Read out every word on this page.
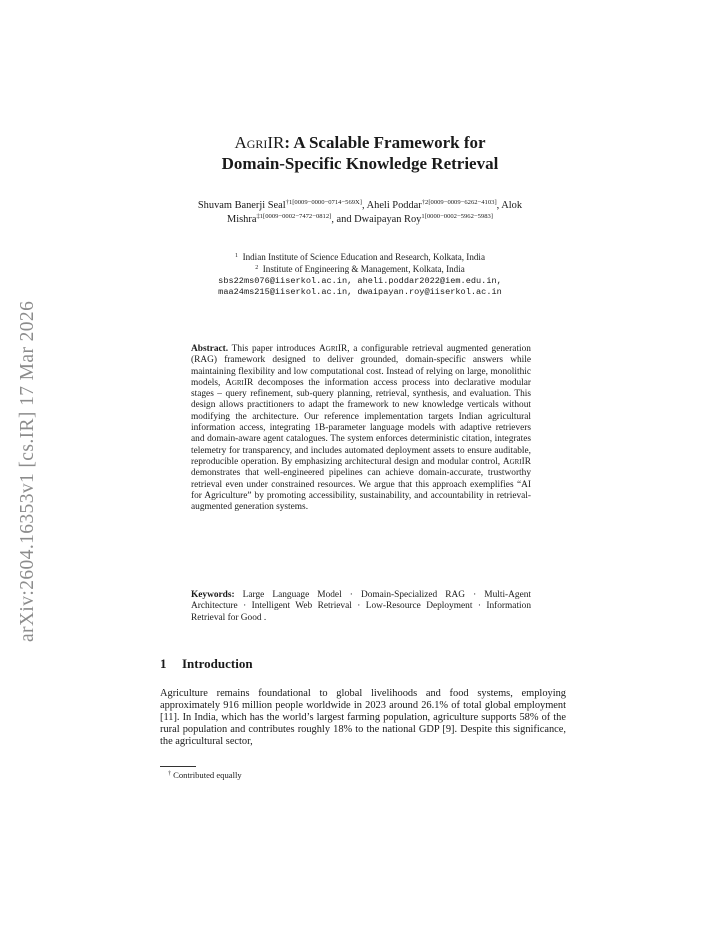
arXiv:2604.16353v1 [cs.IR] 17 Mar 2026
AgriIR: A Scalable Framework for
Domain-Specific Knowledge Retrieval
Shuvam Banerji Seal$^{\dagger 1[0009-0000-0714-569X]}$, Aheli Poddar$^{\dagger 2[0009-0009-6262-4103]}$, Alok Mishra$^{\ddagger 1[0009-0002-7472-0812]}$, and Dwaipayan Roy$^{1[0000-0002-5962-5983]}$
$^1$ Indian Institute of Science Education and Research, Kolkata, India
$^2$ Institute of Engineering & Management, Kolkata, India
sbs22ms076@iiserkol.ac.in, aheli.poddar2022@iem.edu.in,
maa24ms215@iiserkol.ac.in, dwaipayan.roy@iiserkol.ac.in
Abstract. This paper introduces AgriIR, a configurable retrieval augmented generation (RAG) framework designed to deliver grounded, domain-specific answers while maintaining flexibility and low computational cost. Instead of relying on large, monolithic models, AgriIR decomposes the information access process into declarative modular stages – query refinement, sub-query planning, retrieval, synthesis, and evaluation. This design allows practitioners to adapt the framework to new knowledge verticals without modifying the architecture. Our reference implementation targets Indian agricultural information access, integrating 1B-parameter language models with adaptive retrievers and domain-aware agent catalogues. The system enforces deterministic citation, integrates telemetry for transparency, and includes automated deployment assets to ensure auditable, reproducible operation. By emphasizing architectural design and modular control, AgriIR demonstrates that well-engineered pipelines can achieve domain-accurate, trustworthy retrieval even under constrained resources. We argue that this approach exemplifies “AI for Agriculture” by promoting accessibility, sustainability, and accountability in retrieval-augmented generation systems.
Keywords: Large Language Model · Domain-Specialized RAG · Multi-Agent Architecture · Intelligent Web Retrieval · Low-Resource Deployment · Information Retrieval for Good .
1 Introduction
Agriculture remains foundational to global livelihoods and food systems, employing approximately 916 million people worldwide in 2023 around 26.1% of total global employment [11]. In India, which has the world’s largest farming population, agriculture supports 58% of the rural population and contributes roughly 18% to the national GDP [9]. Despite this significance, the agricultural sector,
† Contributed equally
